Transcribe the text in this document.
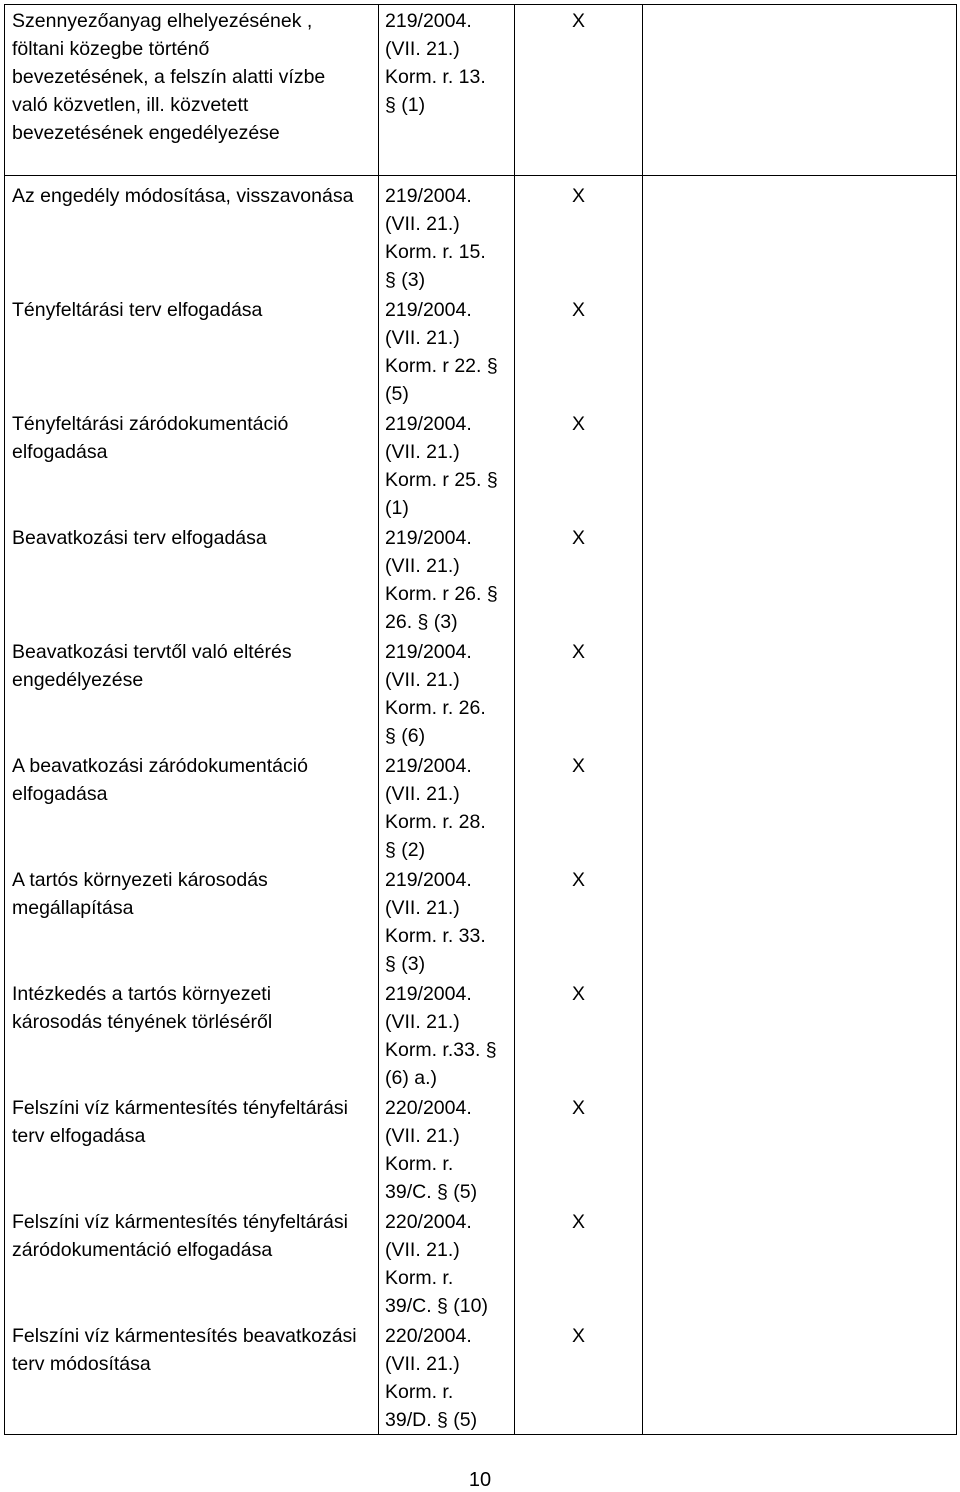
Szennyezőanyag elhelyezésének ,
föltani közegbe történő
bevezetésének, a felszín alatti vízbe
való közvetlen, ill. közvetett
bevezetésének engedélyezése	219/2004.
(VII. 21.)
Korm. r. 13.
§ (1)	X	
Az engedély módosítása, visszavonása	219/2004.
(VII. 21.)
Korm. r. 15.
§ (3)	X	
Tényfeltárási terv elfogadása	219/2004.
(VII. 21.)
Korm. r 22. §
(5)	X	
Tényfeltárási záródokumentáció
elfogadása	219/2004.
(VII. 21.)
Korm. r 25. §
(1)	X	
Beavatkozási terv elfogadása	219/2004.
(VII. 21.)
Korm. r 26. §
26. § (3)	X	
Beavatkozási tervtől való eltérés
engedélyezése	219/2004.
(VII. 21.)
Korm. r. 26.
§ (6)	X	
A beavatkozási záródokumentáció
elfogadása	219/2004.
(VII. 21.)
Korm. r. 28.
§ (2)	X	
A tartós környezeti károsodás
megállapítása	219/2004.
(VII. 21.)
Korm. r. 33.
§ (3)	X	
Intézkedés a tartós környezeti
károsodás tényének törléséről	219/2004.
(VII. 21.)
Korm. r.33. §
(6) a.)	X	
Felszíni víz kármentesítés tényfeltárási
terv elfogadása	220/2004.
(VII. 21.)
Korm. r.
39/C. § (5)	X	
Felszíni víz kármentesítés tényfeltárási
záródokumentáció elfogadása	220/2004.
(VII. 21.)
Korm. r.
39/C. § (10)	X	
Felszíni víz kármentesítés beavatkozási
terv módosítása	220/2004.
(VII. 21.)
Korm. r.
39/D. § (5)	X	
10
